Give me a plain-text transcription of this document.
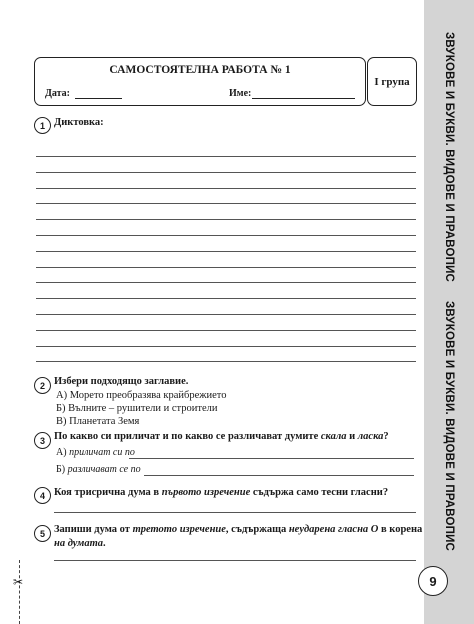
ЗВУКОВЕ И БУКВИ. ВИДОВЕ И ПРАВОПИС
ЗВУКОВЕ И БУКВИ. ВИДОВЕ И ПРАВОПИС
9
САМОСТОЯТЕЛНА РАБОТА № 1
Дата:	Име:
I група
1 Диктовка:
2 Избери подходящо заглавие.
А) Морето преобразява крайбрежието
Б) Вълните – рушители и строители
В) Планетата Земя
3 По какво си приличат и по какво се различават думите скала и ласка?
А) приличат си по
Б) различават се по
4 Коя трисрична дума в първото изречение съдържа само тесни гласни?
5 Запиши дума от третото изречение, съдържаща неударена гласна О в корена
на думата.
✂
